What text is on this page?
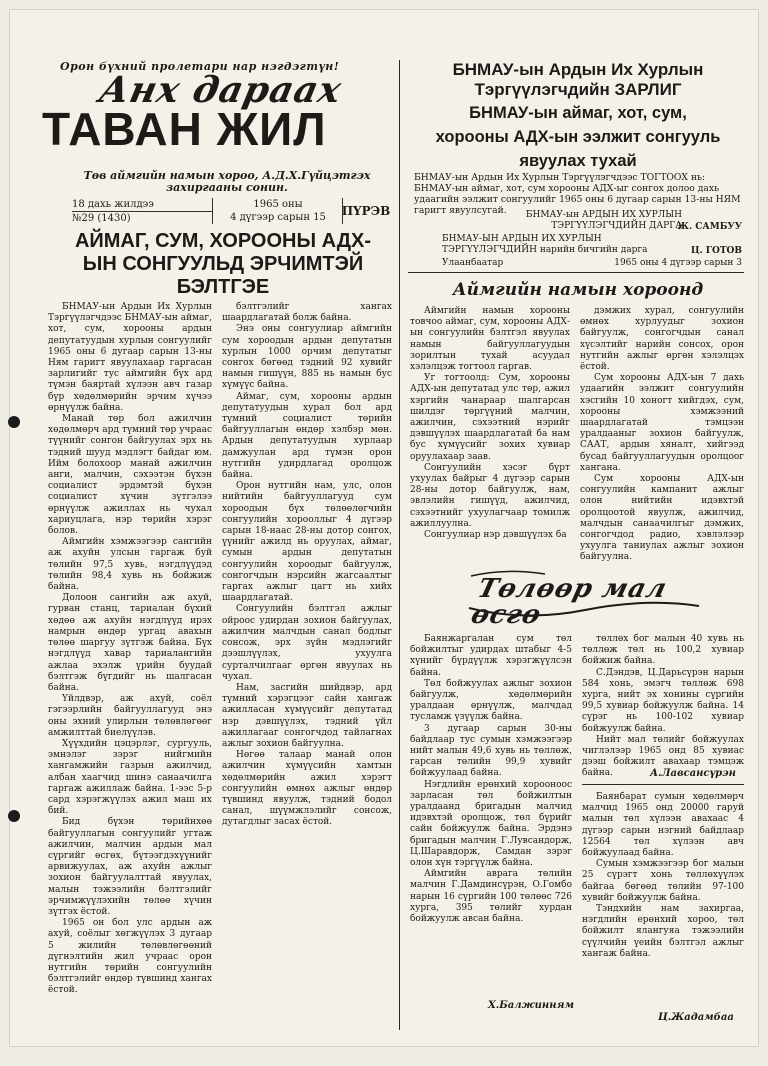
Орон бүхний пролетари нар нэгдэгтүн!
Анх дараах
ТАВАН ЖИЛ
Төв аймгийн намын хороо, А.Д.Х.Гүйцэтгэх захиргааны сонин.
18 дахь жилдээ
№29 (1430)
1965 оны
4 дүгээр сарын 15	ПҮРЭВ
АЙМАГ, СУМ, ХОРООНЫ АДХ-ЫН СОНГУУЛЬД ЭРЧИМТЭЙ БЭЛТГЭЕ

БНМАУ-ын Ардын Их Хурлын Тэргүүлэгчдээс БНМАУ-ын аймаг, хот, сум, хорооны ардын депутатуудын хурлын сонгуулийг 1965 оны 6 дугаар сарын 13-ны Ням гаригт явуулахаар гаргасан зарлигийг тус аймгийн бүх ард түмэн баяртай хүлээн авч газар бүр хөдөлмөрийн эрчим хүчээ өрнүүлж байна.

Манай төр бол ажилчин хөдөлмөрч ард түмний төр учраас түүнийг сонгон байгуулах эрх нь тэдний шууд мэдлэгт байдаг юм. Ийм болохоор манай ажилчин анги, малчин, сэхээтэн бүхэн социалист эрдэмтэй бүхэн социалист хүчин зүтгэлээ өрнүүлж ажиллах нь чухал хариуцлага, нэр төрийн хэрэг болов.

Аймгийн хэмжээгээр сангийн аж ахуйн улсын гаргаж буй төлийн 97,5 хувь, нэгдлүүдэд төлийн 98,4 хувь нь бойжиж байна.

Долоон сангийн аж ахуй, гурван станц, тариалан бүхий хөдөө аж ахуйн нэгдлүүд ирэх намрын өндөр ургац авахын төлөө шаргуу зүтгэж байна. Бүх нэгдлүүд хавар тариалангийн ажлаа эхэлж үрийн буудай бэлтгэж бүгдийг нь шалгасан байна.

Үйлдвэр, аж ахуй, соёл гэгээрлийн байгууллагууд энэ оны эхний улирлын төлөвлөгөөг амжилттай биелүүлэв.

Хүүхдийн цэцэрлэг, сургууль, эмнэлэг зэрэг нийгмийн хангамжийн газрын ажилчид, албан хаагчид шинэ санаачилга гаргаж ажиллаж байна. 1-ээс 5-р сард хэрэгжүүлэх ажил маш их бий.

Бид бүхэн төрийнхөө байгууллагын сонгуулийг угтаж ажилчин, малчин ардын мал сүргийг өсгөх, бүтээгдэхүүнийг арвижуулах, аж ахуйн ажлыг зохион байгуулалттай явуулах, малын тэжээлийн бэлтгэлийг эрчимжүүлэхийн төлөө хүчин зүтгэх ёстой.

1965 он бол улс ардын аж ахуй, соёлыг хөгжүүлэх 3 дугаар 5 жилийн төлөвлөгөөний дүгнэлтийн жил учраас орон нутгийн төрийн сонгуулийн бэлтгэлийг өндөр түвшинд хангах ёстой.

бэлтгэлийг хангах шаардлагатай болж байна.

Энэ оны сонгуулиар аймгийн сум хороодын ардын депутатын хурлын 1000 орчим депутатыг сонгох бөгөөд тэдний 92 хувийг намын гишүүн, 885 нь намын бус хүмүүс байна.

Аймаг, сум, хорооны ардын депутатуудын хурал бол ард түмний социалист төрийн байгууллагын өндөр хэлбэр мөн. Ардын депутатуудын хурлаар дамжуулан ард түмэн орон нутгийн удирдлагад оролцож байна.

Орон нутгийн нам, улс, олон нийтийн байгууллагууд сум хороодын бүх төлөөлөгчийн сонгуулийн хорооллыг 4 дүгээр сарын 18-наас 28-ны дотор сонгох, үүнийг ажилд нь оруулах, аймаг, сумын ардын депутатын сонгуулийн хороодыг байгуулж, сонгогчдын нэрсийн жагсаалтыг гаргах ажлыг цагт нь хийх шаардлагатай.

Сонгуулийн бэлтгэл ажлыг ойроос удирдан зохион байгуулах, ажилчин малчдын санал бодлыг сонсож, эрх зүйн мэдлэгийг дээшлүүлэх, ухуулга сурталчилгааг өргөн явуулах нь чухал.

Нам, засгийн шийдвэр, ард түмний хэрэгцээг сайн хангаж ажилласан хүмүүсийг депутатад нэр дэвшүүлэх, тэдний үйл ажиллагааг сонгогчдод тайлагнах ажлыг зохион байгуулна.

Нөгөө талаар манай олон ажилчин хүмүүсийн хамтын хөдөлмөрийн ажил хэрэгт сонгуулийн өмнөх ажлыг өндөр түвшинд явуулж, тэдний бодол санал, шүүмжлэлийг сонсож, дутагдлыг засах ёстой.

БНМАУ-ын Ардын Их Хурлын
Тэргүүлэгчдийн ЗАРЛИГ
БНМАУ-ын аймаг, хот, сум,
хорооны АДХ-ын ээлжит сонгууль
явуулах тухай

БНМАУ-ын Ардын Их Хурлын Тэргүүлэгчдээс ТОГТООХ нь: БНМАУ-ын аймаг, хот, сум хорооны АДХ-ыг сонгох долоо дахь удаагийн ээлжит сонгуулийг 1965 оны 6 дугаар сарын 13-ны НЯМ гаригт явуулсугай.	БНМАУ-ын АРДЫН ИХ ХУРЛЫН ТЭРГҮҮЛЭГЧДИЙН ДАРГА
Ж. САМБУУ
БНМАУ-ЫН АРДЫН ИХ ХУРЛЫН ТЭРГҮҮЛЭГЧДИЙН нарийн бичгийн дарга	Ц. ГОТОВ
Улаанбаатар	1965 оны 4 дүгээр сарын 3
Аймгийн намын хороонд

Аймгийн намын хорооны товчоо аймаг, сум, хорооны АДХ-ын сонгуулийн бэлтгэл явуулах намын байгууллагуудын зорилтын тухай асуудал хэлэлцэж тогтоол гаргав.

Уг тогтоолд: Сум, хорооны АДХ-ын депутатад улс төр, ажил хэргийн чанараар шалгарсан шилдэг төргүүний малчин, ажилчин, сэхээтний нэрийг дэвшүүлэх шаардлагатай ба нам бус хүмүүсийг зохих хувиар оруулахаар заав.

Сонгуулийн хэсэг бүрт ухуулах байрыг 4 дүгээр сарын 28-ны дотор байгуулж, нам, эвлэлийн гишүүд, ажилчид, сэхээтнийг ухуулагчаар томилж ажиллуулна.

Сонгуулиар нэр дэвшүүлэх ба

дэмжих хурал, сонгуулийн өмнөх хурлуудыг зохион байгуулж, сонгогчдын санал хүсэлтийг нарийн сонсох, орон нутгийн ажлыг өргөн хэлэлцэх ёстой.

Сум хорооны АДХ-ын 7 дахь удаагийн ээлжит сонгуулийн хэсгийн 10 хоногт хийгдэх, сум, хорооны хэмжээний шаардлагатай тэмцээн уралдааныг зохион байгуулж, СААТ, ардын хяналт, хийгээд бусад байгууллагуудын оролцоог хангана.

Сум хорооны АДХ-ын сонгуулийн кампанит ажлыг олон нийтийн идэвхтэй оролцоотой явуулж, ажилчид, малчдын санаачилгыг дэмжих, сонгогчдод радио, хэвлэлээр ухуулга таниулах ажлыг зохион байгуулна.

Төлөөр мал өсгө

Баянжаргалан сум төл бойжилтыг удирдах штабыг 4-5 хүнийг бүрдүүлж хэрэгжүүлсэн байна.

Төл бойжуулах ажлыг зохион байгуулж, хөдөлмөрийн уралдаан өрнүүлж, малчдад тусламж үзүүлж байна.

3 дугаар сарын 30-ны байдлаар тус сумын хэмжээгээр нийт малын 49,6 хувь нь төллөж, гарсан төлийн 99,9 хувийг бойжуулаад байна.

Нэгдлийн ерөнхий хорооноос зарласан төл бойжилтын уралдаанд бригадын малчид идэвхтэй оролцож, төл бүрийг сайн бойжуулж байна. Эрдэнэ бригадын малчин Г.Лувсандорж, Ц.Шаравдорж, Самдан зэрэг олон хүн тэргүүлж байна.

Аймгийн аврага төлийн малчин Г.Дамдинсүрэн, О.Гомбо нарын 16 сүргийн 100 төлөөс 726 хурга, 395 төлийг хурдан бойжуулж авсан байна.

Х.Балжинням

төллөх бог малын 40 хувь нь төллөж төл нь 100,2 хувиар бойжиж байна.

С.Дэндэв, Ц.Дарьсүрэн нарын 584 хонь, эмэгч төллөж 698 хурга, нийт эх хонины сүргийн 99,5 хувиар бойжуулж байна. 14 сүрэг нь 100-102 хувиар бойжуулж байна.

Нийт мал төлийг бойжуулах чиглэлээр 1965 онд 85 хувиас дээш бойжилт авахаар тэмцэж байна.	А.Лавсансүрэн

Баянбарат сумын хөдөлмөрч малчид 1965 онд 20000 гаруй малын төл хүлээн авахаас 4 дүгээр сарын нэгний байдлаар 12564 төл хүлээн авч бойжуулаад байна.

Сумын хэмжээгээр бог малын 25 сүрэгт хонь төллөхүүлэх байгаа бөгөөд төлийн 97-100 хувийг бойжуулж байна.

Тэндхийн нам захиргаа, нэгдлийн ерөнхий хороо, төл бойжилт ялангуяа тэжээлийн сүүлчийн үеийн бэлтгэл ажлыг хангаж байна.

Ц.Жадамбаа
